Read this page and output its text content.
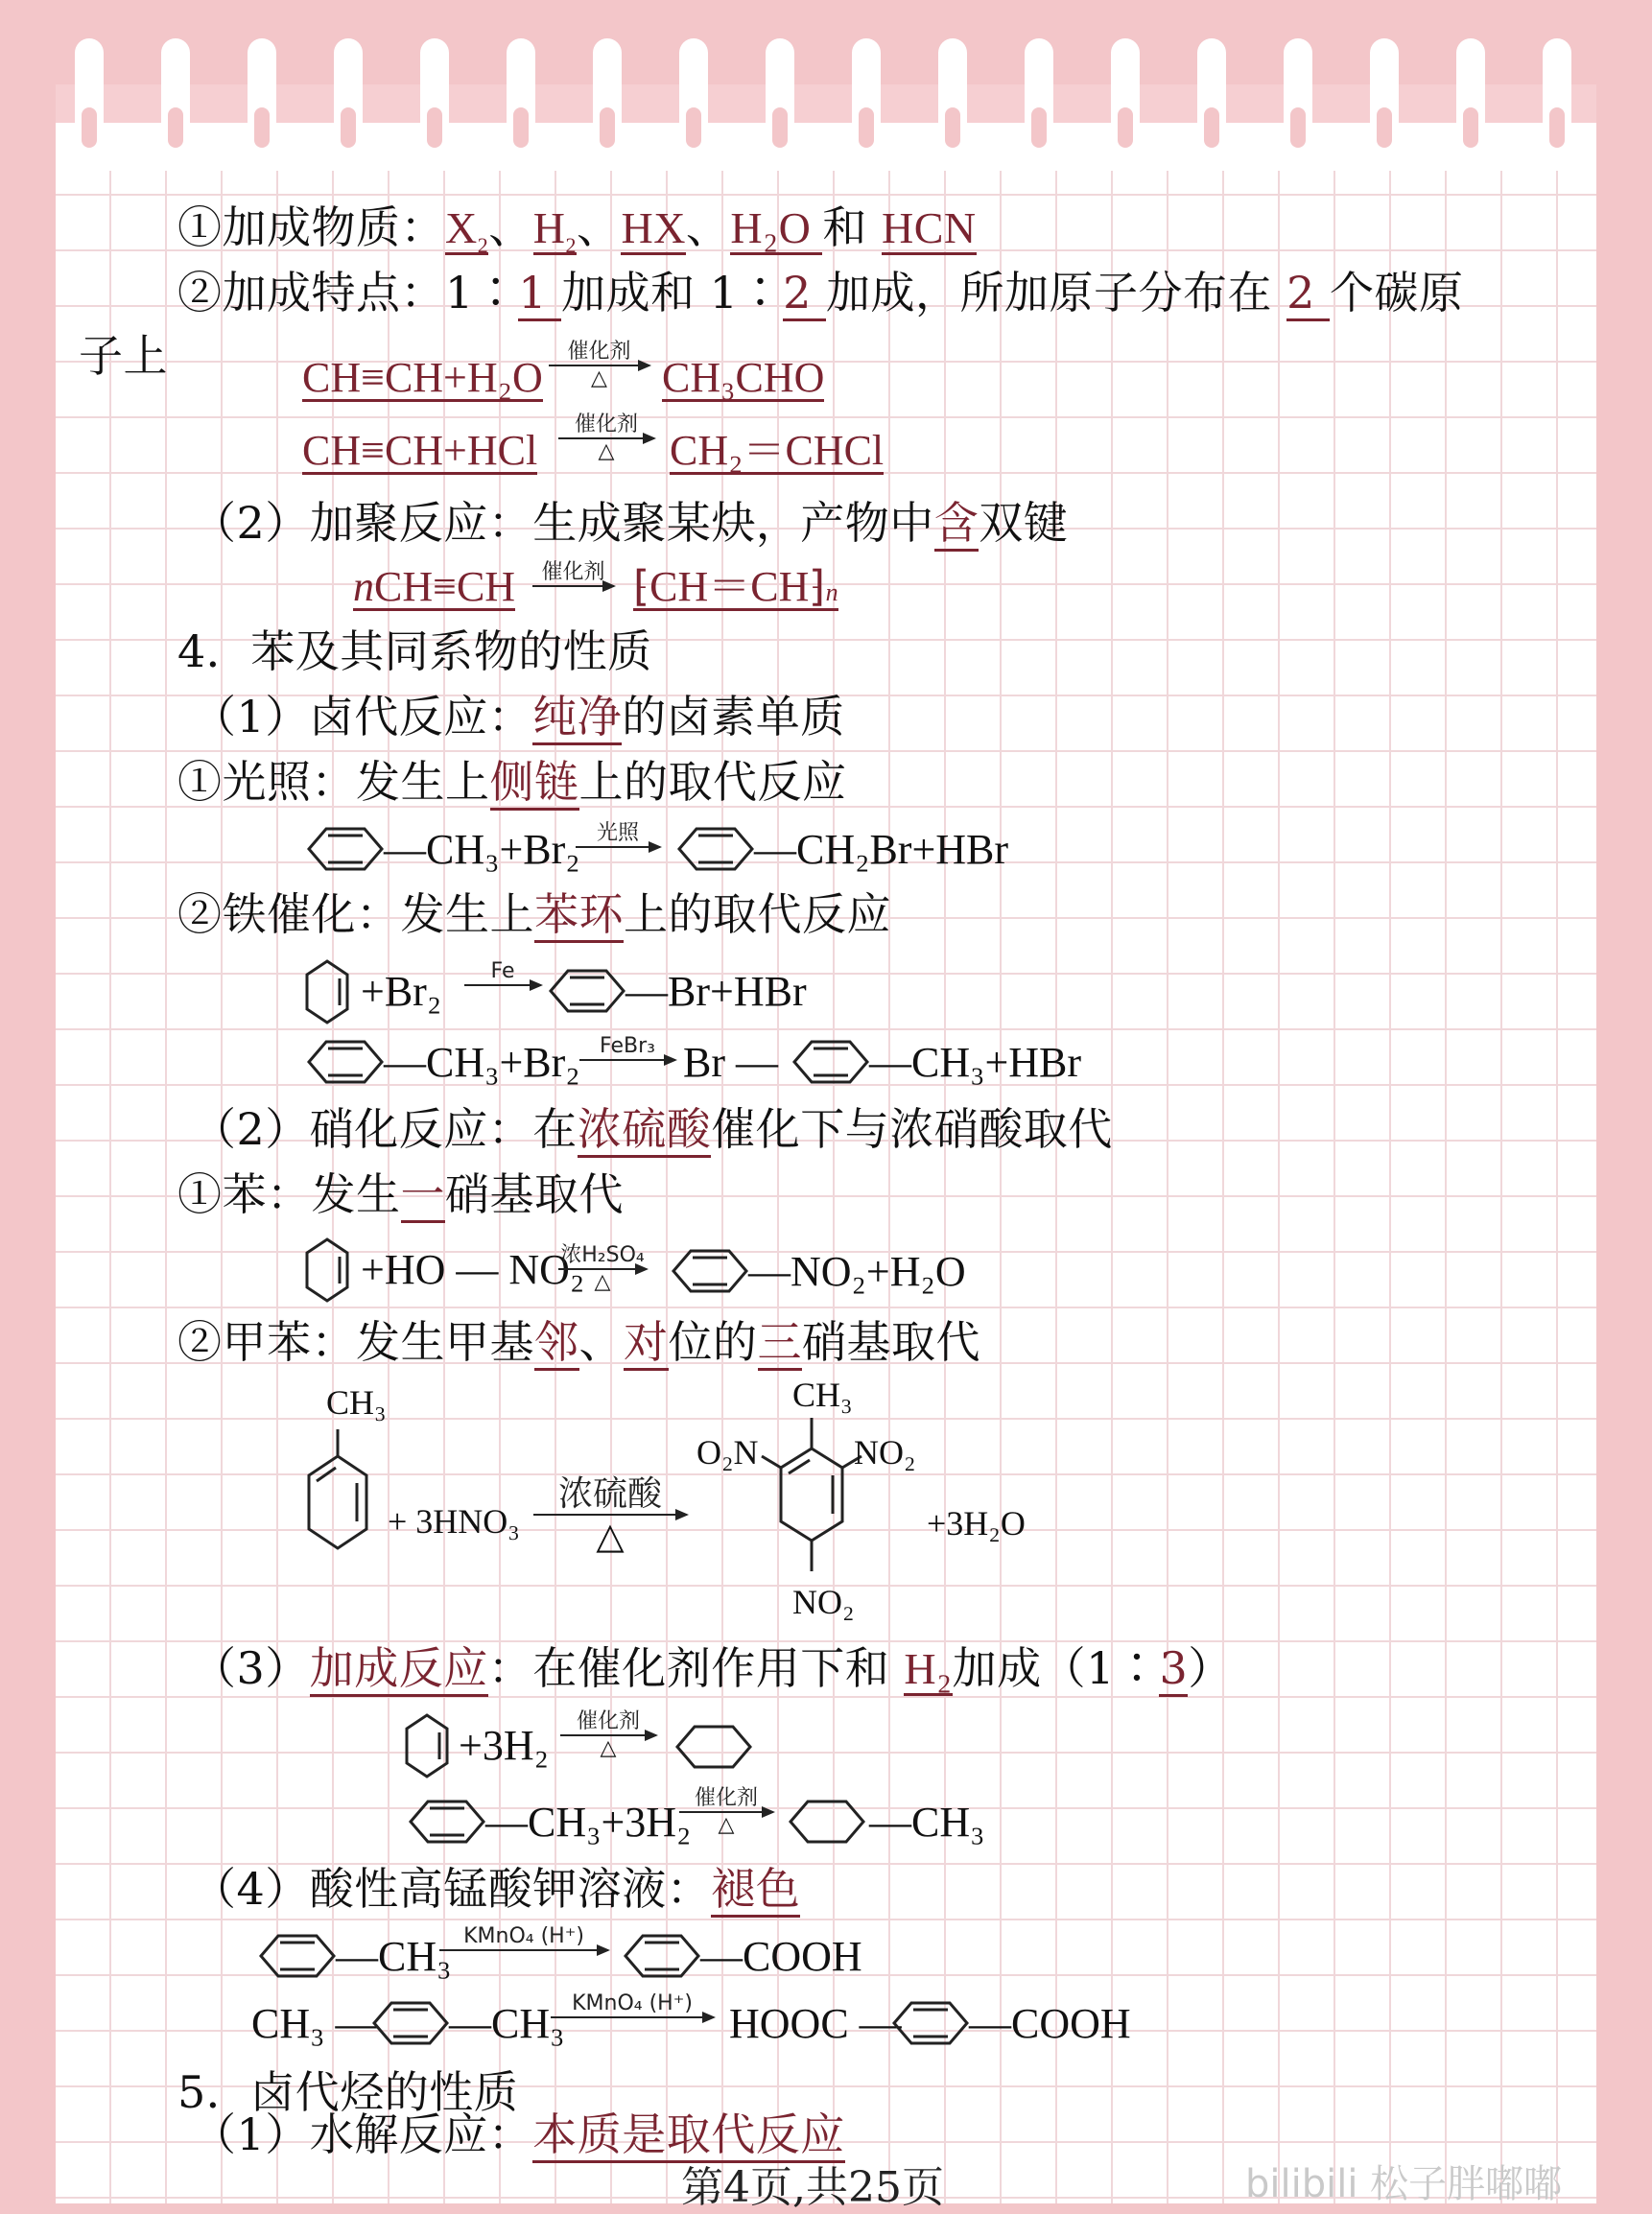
①加成物质：$X_2$、$H_2$、HX、H₂O 和 HCN
②加成特点：1∶1 加成和 1∶2 加成，所加原子分布在 2 个碳原
子上	CH≡CH+H₂O
催化剂
△	CH₃CHO
CH≡CH+HCl
催化剂
△	CH₂＝CHCl
（2）加聚反应：生成聚某炔，产物中含双键
nCH≡CH	催化剂 ⁅CH＝CH⁆n
4．苯及其同系物的性质
（1）卤代反应：纯净的卤素单质
①光照：发生上侧链上的取代反应
—CH₃+Br₂ 光照	—CH₂Br+HBr
②铁催化：发生上苯环上的取代反应
+Br₂	Fe	—Br+HBr
—CH₃+Br₂ FeBr₃ Br — —CH₃+HBr
（2）硝化反应：在浓硫酸催化下与浓硝酸取代
①苯：发生一硝基取代
+HO — NO₂
浓H₂SO₄
△	—NO₂+H₂O
②甲苯：发生甲基邻、对位的三硝基取代
CH₃
+ 3HNO₃
浓硫酸
△
CH₃
O₂N	NO₂
NO₂
+3H₂O
（3）加成反应：在催化剂作用下和 H₂加成（1∶3）
+3H₂
催化剂
△
—CH₃+3H₂
催化剂
△	—CH₃
（4）酸性高锰酸钾溶液：褪色
—CH₃ KMnO₄ (H⁺)	—COOH
CH₃ — —CH₃ KMnO₄ (H⁺) HOOC — —COOH
5．卤代烃的性质
（1）水解反应：本质是取代反应
第4页,共25页	bilibili 松子胖嘟嘟
